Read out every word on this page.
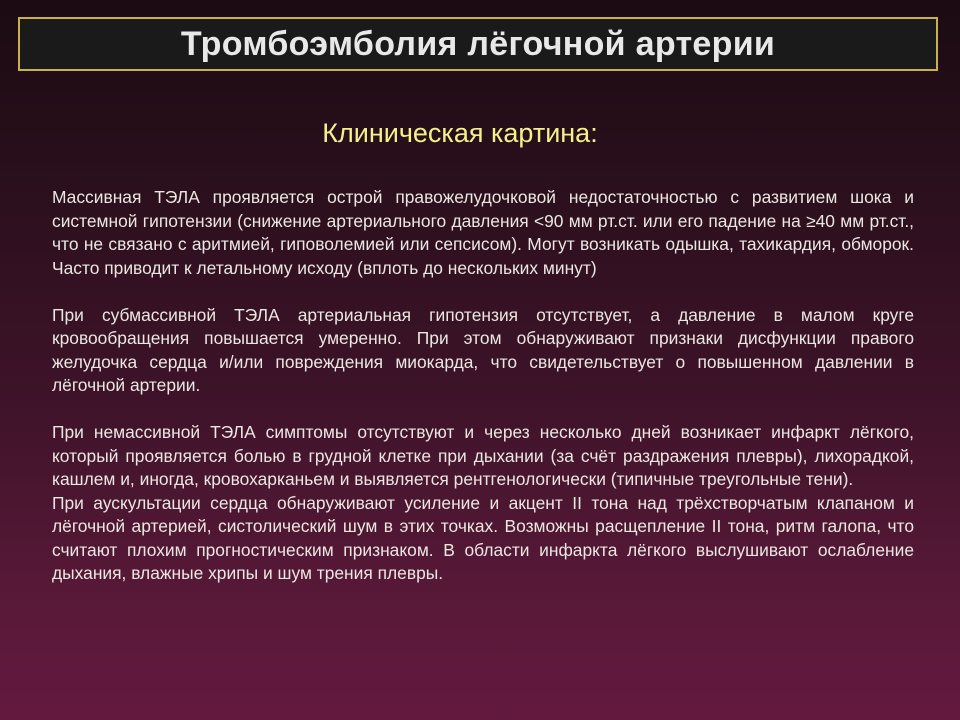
Тромбоэмболия лёгочной артерии
Клиническая картина:

Массивная ТЭЛА проявляется острой правожелудочковой недостаточностью с развитием шока и системной гипотензии (снижение артериального давления <90 мм рт.ст. или его падение на ≥40 мм рт.ст., что не связано с аритмией, гиповолемией или сепсисом). Могут возникать одышка, тахикардия, обморок. Часто приводит к летальному исходу (вплоть до нескольких минут)

При субмассивной ТЭЛА артериальная гипотензия отсутствует, а давление в малом круге кровообращения повышается умеренно. При этом обнаруживают признаки дисфункции правого желудочка сердца и/или повреждения миокарда, что свидетельствует о повышенном давлении в лёгочной артерии.

При немассивной ТЭЛА симптомы отсутствуют и через несколько дней возникает инфаркт лёгкого, который проявляется болью в грудной клетке при дыхании (за счёт раздражения плевры), лихорадкой, кашлем и, иногда, кровохарканьем и выявляется рентгенологически (типичные треугольные тени).

При аускультации сердца обнаруживают усиление и акцент II тона над трёхстворчатым клапаном и лёгочной артерией, систолический шум в этих точках. Возможны расщепление II тона, ритм галопа, что считают плохим прогностическим признаком. В области инфаркта лёгкого выслушивают ослабление дыхания, влажные хрипы и шум трения плевры.
